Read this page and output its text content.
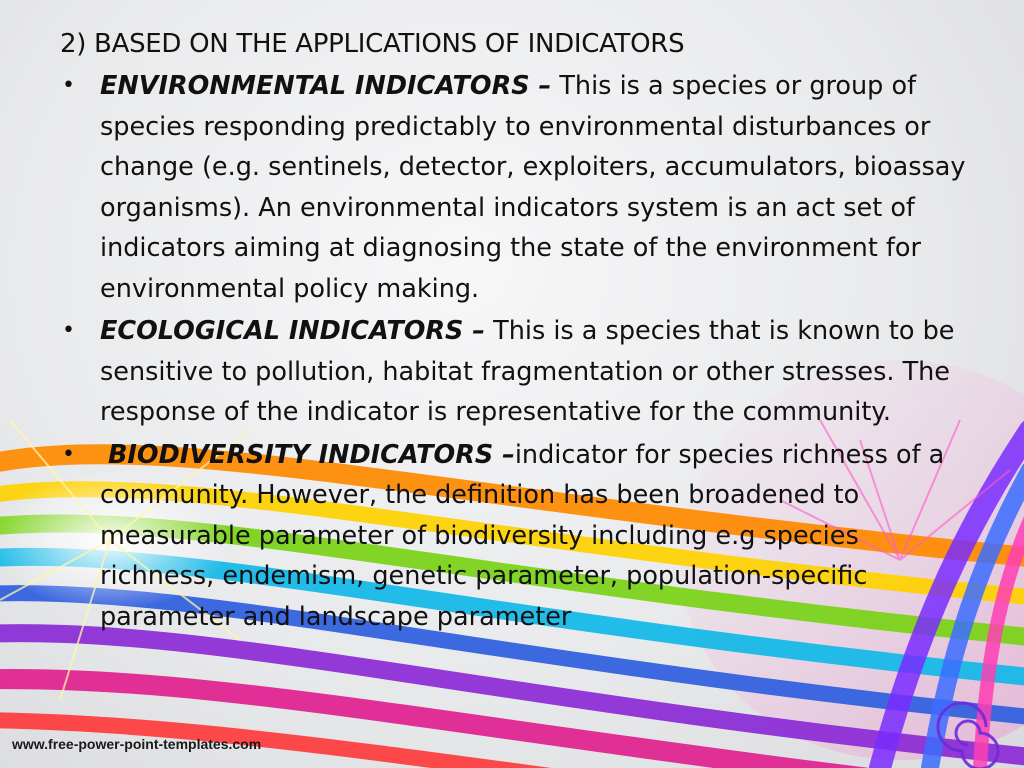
2) BASED ON THE APPLICATIONS OF INDICATORS
• ENVIRONMENTAL INDICATORS – This is a species or group of species responding predictably to environmental disturbances or change (e.g. sentinels, detector, exploiters, accumulators, bioassay organisms). An environmental indicators system is an act set of indicators aiming at diagnosing the state of the environment for environmental policy making.
• ECOLOGICAL INDICATORS – This is a species that is known to be sensitive to pollution, habitat fragmentation or other stresses. The response of the indicator is representative for the community.
• BIODIVERSITY INDICATORS –indicator for species richness of a community. However, the definition has been broadened to measurable parameter of biodiversity including e.g species richness, endemism, genetic parameter, population-specific parameter and landscape parameter
www.free-power-point-templates.com
